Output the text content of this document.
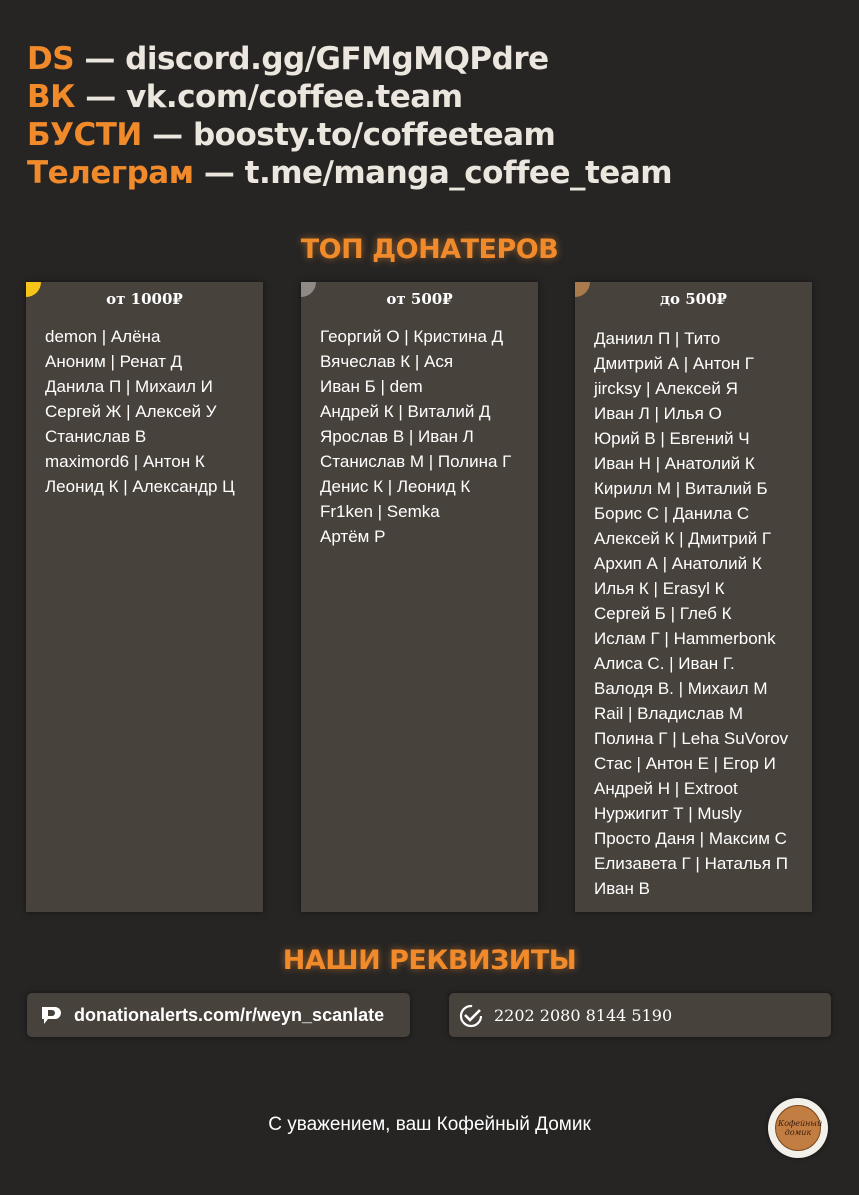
DS — discord.gg/GFMgMQPdre
ВК — vk.com/coffee.team
БУСТИ — boosty.to/coffeeteam
Телеграм — t.me/manga_coffee_team
ТОП ДОНАТЕРОВ
от 1000₽
demon | Алёна
Аноним | Ренат Д
Данила П | Михаил И
Сергей Ж | Алексей У
Станислав В
maximord6 | Антон К
Леонид К | Александр Ц
от 500₽
Георгий О | Кристина Д
Вячеслав К | Ася
Иван Б | dem
Андрей К | Виталий Д
Ярослав В | Иван Л
Станислав М | Полина Г
Денис К | Леонид К
Fr1ken | Semka
Артём Р
до 500₽
Даниил П | Тито
Дмитрий А | Антон Г
jircksy | Алексей Я
Иван Л | Илья О
Юрий В | Евгений Ч
Иван Н | Анатолий К
Кирилл М | Виталий Б
Борис С | Данила С
Алексей К | Дмитрий Г
Архип А | Анатолий К
Илья К | Erasyl К
Сергей Б | Глеб К
Ислам Г | Hammerbonk
Алиса С. | Иван Г.
Валодя В. | Михаил М
Rail | Владислав М
Полина Г | Leha SuVorov
Стас | Антон Е | Егор И
Андрей Н | Extroot
Нуржигит Т | Musly
Просто Даня | Максим С
Елизавета Г | Наталья П
Иван В
НАШИ РЕКВИЗИТЫ
donationalerts.com/r/weyn_scanlate	2202 2080 8144 5190
С уважением, ваш Кофейный Домик	Кофейный домик
